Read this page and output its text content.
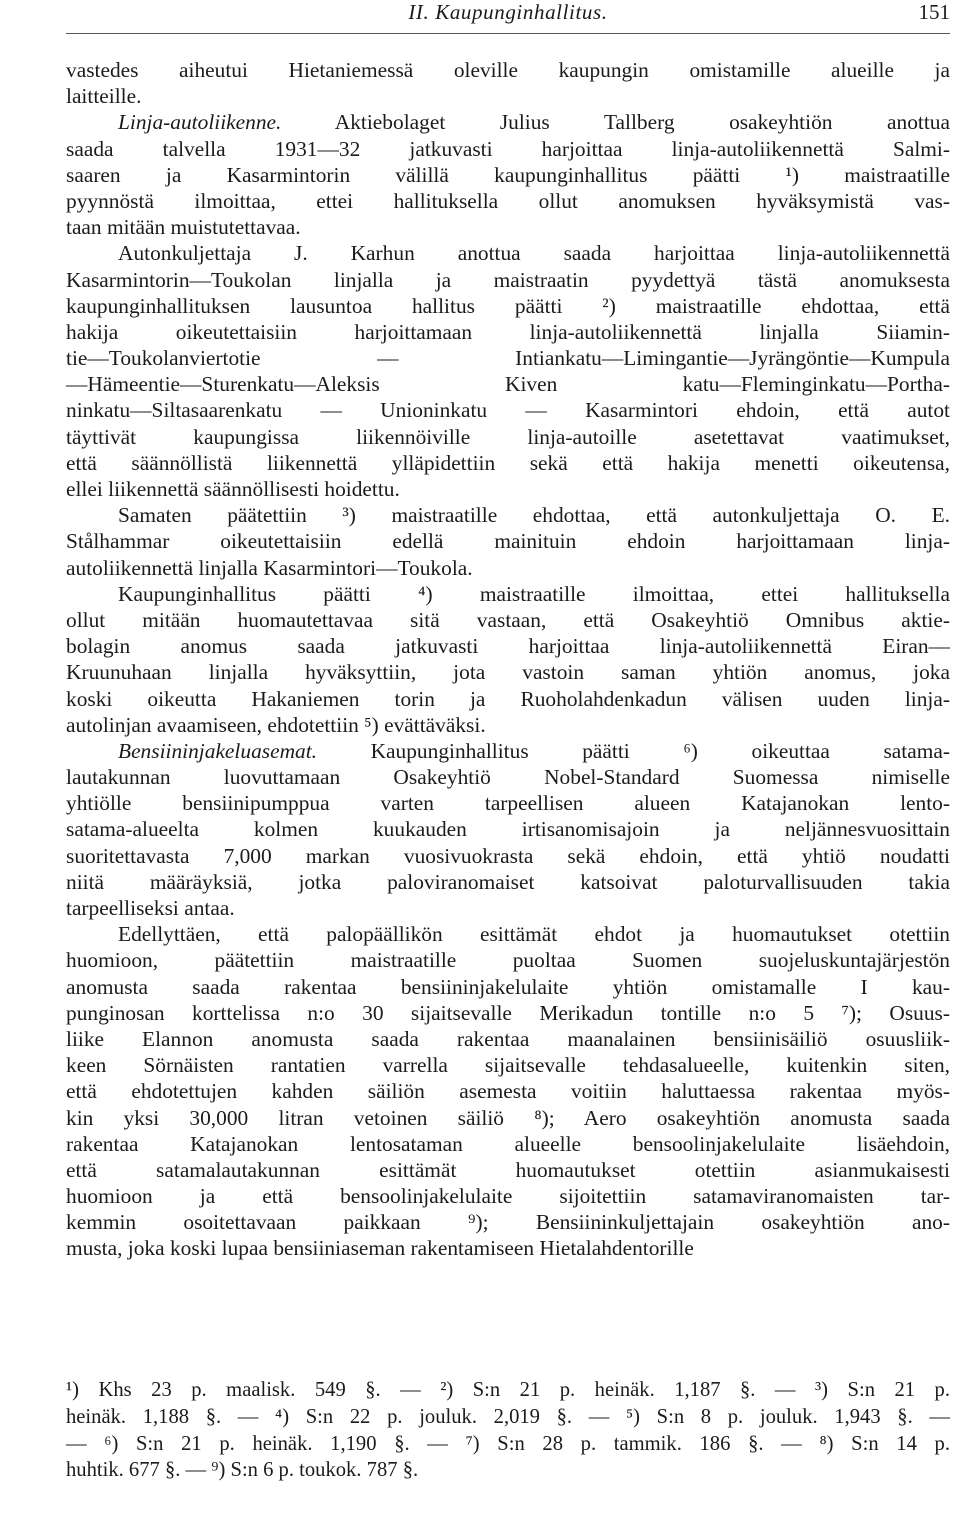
II. Kaupunginhallitus.	151
vastedes aiheutui Hietaniemessä oleville kaupungin omistamille alueille ja
laitteille.
Linja-autoliikenne. Aktiebolaget Julius Tallberg osakeyhtiön anottua
saada talvella 1931—32 jatkuvasti harjoittaa linja-autoliikennettä Salmi-
saaren ja Kasarmintorin välillä kaupunginhallitus päätti ¹) maistraatille
pyynnöstä ilmoittaa, ettei hallituksella ollut anomuksen hyväksymistä vas-
taan mitään muistutettavaa.
Autonkuljettaja J. Karhun anottua saada harjoittaa linja-autoliikennettä
Kasarmintorin—Toukolan linjalla ja maistraatin pyydettyä tästä anomuksesta
kaupunginhallituksen lausuntoa hallitus päätti ²) maistraatille ehdottaa, että
hakija oikeutettaisiin harjoittamaan linja-autoliikennettä linjalla Siiamin-
tie—Toukolanviertotie — Intiankatu—Limingantie—Jyrängöntie—Kumpula
—Hämeentie—Sturenkatu—Aleksis Kiven katu—Fleminginkatu—Portha-
ninkatu—Siltasaarenkatu — Unioninkatu — Kasarmintori ehdoin, että autot
täyttivät kaupungissa liikennöiville linja-autoille asetettavat vaatimukset,
että säännöllistä liikennettä ylläpidettiin sekä että hakija menetti oikeutensa,
ellei liikennettä säännöllisesti hoidettu.
Samaten päätettiin ³) maistraatille ehdottaa, että autonkuljettaja O. E.
Stålhammar oikeutettaisiin edellä mainituin ehdoin harjoittamaan linja-
autoliikennettä linjalla Kasarmintori—Toukola.
Kaupunginhallitus päätti ⁴) maistraatille ilmoittaa, ettei hallituksella
ollut mitään huomautettavaa sitä vastaan, että Osakeyhtiö Omnibus aktie-
bolagin anomus saada jatkuvasti harjoittaa linja-autoliikennettä Eiran—
Kruunuhaan linjalla hyväksyttiin, jota vastoin saman yhtiön anomus, joka
koski oikeutta Hakaniemen torin ja Ruoholahdenkadun välisen uuden linja-
autolinjan avaamiseen, ehdotettiin ⁵) evättäväksi.
Bensiininjakeluasemat. Kaupunginhallitus päätti ⁶) oikeuttaa satama-
lautakunnan luovuttamaan Osakeyhtiö Nobel-Standard Suomessa nimiselle
yhtiölle bensiinipumppua varten tarpeellisen alueen Katajanokan lento-
satama-alueelta kolmen kuukauden irtisanomisajoin ja neljännesvuosittain
suoritettavasta 7,000 markan vuosivuokrasta sekä ehdoin, että yhtiö noudatti
niitä määräyksiä, jotka paloviranomaiset katsoivat paloturvallisuuden takia
tarpeelliseksi antaa.
Edellyttäen, että palopäällikön esittämät ehdot ja huomautukset otettiin
huomioon, päätettiin maistraatille puoltaa Suomen suojeluskuntajärjestön
anomusta saada rakentaa bensiininjakelulaite yhtiön omistamalle I kau-
punginosan korttelissa n:o 30 sijaitsevalle Merikadun tontille n:o 5 ⁷); Osuus-
liike Elannon anomusta saada rakentaa maanalainen bensiinisäiliö osuusliik-
keen Sörnäisten rantatien varrella sijaitsevalle tehdasalueelle, kuitenkin siten,
että ehdotettujen kahden säiliön asemesta voitiin haluttaessa rakentaa myös-
kin yksi 30,000 litran vetoinen säiliö ⁸); Aero osakeyhtiön anomusta saada
rakentaa Katajanokan lentosataman alueelle bensoolinjakelulaite lisäehdoin,
että satamalautakunnan esittämät huomautukset otettiin asianmukaisesti
huomioon ja että bensoolinjakelulaite sijoitettiin satamaviranomaisten tar-
kemmin osoitettavaan paikkaan ⁹); Bensiininkuljettajain osakeyhtiön ano-
musta, joka koski lupaa bensiiniaseman rakentamiseen Hietalahdentorille
¹) Khs 23 p. maalisk. 549 §. — ²) S:n 21 p. heinäk. 1,187 §. — ³) S:n 21 p.
heinäk. 1,188 §. — ⁴) S:n 22 p. jouluk. 2,019 §. — ⁵) S:n 8 p. jouluk. 1,943 §. —
— ⁶) S:n 21 p. heinäk. 1,190 §. — ⁷) S:n 28 p. tammik. 186 §. — ⁸) S:n 14 p.
huhtik. 677 §. — ⁹) S:n 6 p. toukok. 787 §.
